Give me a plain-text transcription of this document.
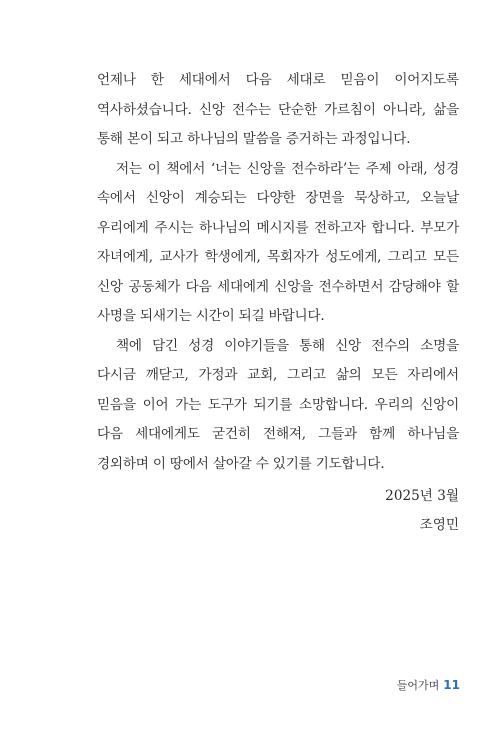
언제나 한 세대에서 다음 세대로 믿음이 이어지도록 역사하셨습니다. 신앙 전수는 단순한 가르침이 아니라, 삶을 통해 본이 되고 하나님의 말씀을 증거하는 과정입니다.

저는 이 책에서 ‘너는 신앙을 전수하라’는 주제 아래, 성경 속에서 신앙이 계승되는 다양한 장면을 묵상하고, 오늘날 우리에게 주시는 하나님의 메시지를 전하고자 합니다. 부모가 자녀에게, 교사가 학생에게, 목회자가 성도에게, 그리고 모든 신앙 공동체가 다음 세대에게 신앙을 전수하면서 감당해야 할 사명을 되새기는 시간이 되길 바랍니다.

책에 담긴 성경 이야기들을 통해 신앙 전수의 소명을 다시금 깨닫고, 가정과 교회, 그리고 삶의 모든 자리에서 믿음을 이어 가는 도구가 되기를 소망합니다. 우리의 신앙이 다음 세대에게도 굳건히 전해져, 그들과 함께 하나님을 경외하며 이 땅에서 살아갈 수 있기를 기도합니다.

2025년 3월
조영민
들어가며 11
